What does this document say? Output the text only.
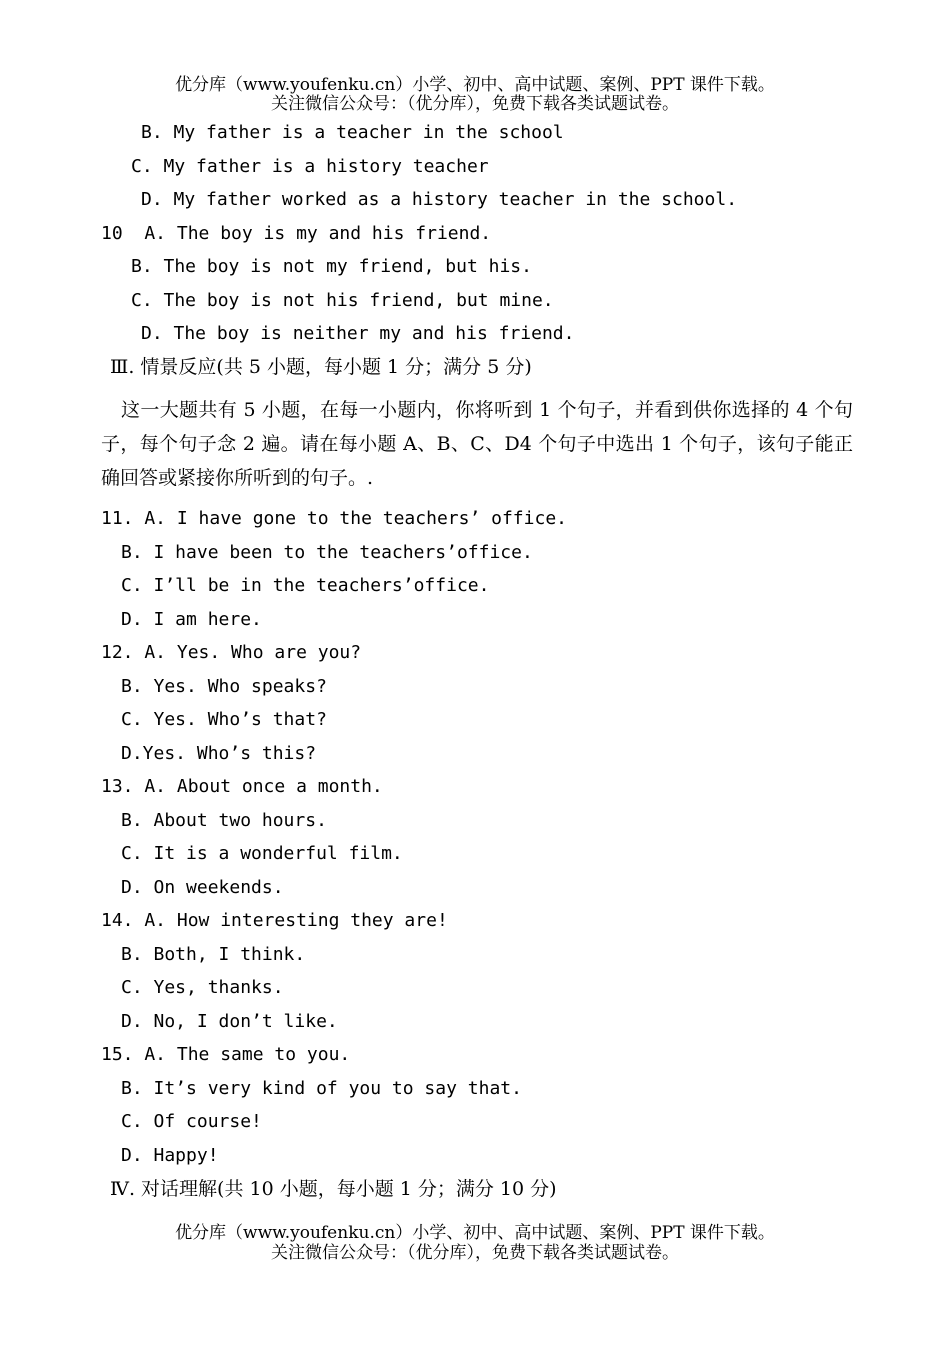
优分库（www.youfenku.cn）小学、初中、高中试题、案例、PPT 课件下载。
关注微信公众号：（优分库），免费下载各类试题试卷。
B. My father is a teacher in the school
C. My father is a history teacher
D. My father worked as a history teacher in the school.
10  A. The boy is my and his friend.
B. The boy is not my friend, but his.
C. The boy is not his friend, but mine.
D. The boy is neither my and his friend.
Ⅲ. 情景反应(共 5 小题，每小题 1 分；满分 5 分)
这一大题共有 5 小题，在每一小题内，你将听到 1 个句子，并看到供你选择的 4 个句子，每个句子念 2 遍。请在每小题 A、B、C、D4 个句子中选出 1 个句子，该句子能正确回答或紧接你所听到的句子。.
11. A. I have gone to the teachers’ office.
B. I have been to the teachers’office.
C. I’ll be in the teachers’office.
D. I am here.
12. A. Yes. Who are you?
B. Yes. Who speaks?
C. Yes. Who’s that?
D.Yes. Who’s this?
13. A. About once a month.
B. About two hours.
C. It is a wonderful film.
D. On weekends.
14. A. How interesting they are!
B. Both, I think.
C. Yes, thanks.
D. No, I don’t like.
15. A. The same to you.
B. It’s very kind of you to say that.
C. Of course!
D. Happy!
Ⅳ. 对话理解(共 10 小题，每小题 1 分；满分 10 分)
优分库（www.youfenku.cn）小学、初中、高中试题、案例、PPT 课件下载。
关注微信公众号：（优分库），免费下载各类试题试卷。
